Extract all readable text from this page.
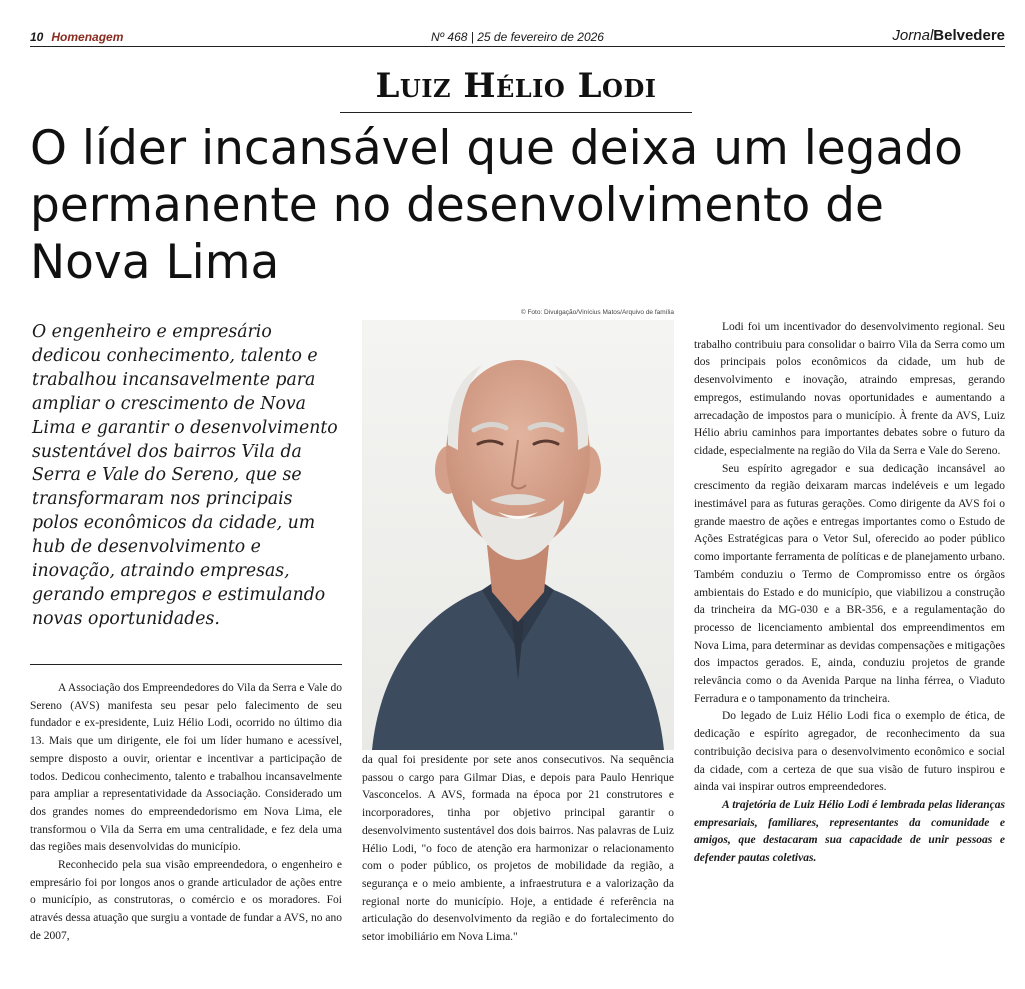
Nº 468 | 25 de fevereiro de 2026
10 Homenagem	JornalBelvedere
Luiz Hélio Lodi
O líder incansável que deixa um legado permanente no desenvolvimento de Nova Lima
© Foto: Divulgação/Vinícius Matos/Arquivo de família

O engenheiro e empresário dedicou conhecimento, talento e trabalhou incansavelmente para ampliar o crescimento de Nova Lima e garantir o desenvolvimento sustentável dos bairros Vila da Serra e Vale do Sereno, que se transformaram nos principais polos econômicos da cidade, um hub de desenvolvimento e inovação, atraindo empresas, gerando empregos e estimulando novas oportunidades.

A Associação dos Empreendedores do Vila da Serra e Vale do Sereno (AVS) manifesta seu pesar pelo falecimento de seu fundador e ex-presidente, Luiz Hélio Lodi, ocorrido no último dia 13. Mais que um dirigente, ele foi um líder humano e acessível, sempre disposto a ouvir, orientar e incentivar a participação de todos. Dedicou conhecimento, talento e trabalhou incansavelmente para ampliar a representatividade da Associação. Considerado um dos grandes nomes do empreendedorismo em Nova Lima, ele transformou o Vila da Serra em uma centralidade, e fez dela uma das regiões mais desenvolvidas do município.

Reconhecido pela sua visão empreendedora, o engenheiro e empresário foi por longos anos o grande articulador de ações entre o município, as construtoras, o comércio e os moradores. Foi através dessa atuação que surgiu a vontade de fundar a AVS, no ano de 2007,

da qual foi presidente por sete anos consecutivos. Na sequência passou o cargo para Gilmar Dias, e depois para Paulo Henrique Vasconcelos. A AVS, formada na época por 21 construtores e incorporadores, tinha por objetivo principal garantir o desenvolvimento sustentável dos dois bairros. Nas palavras de Luiz Hélio Lodi, "o foco de atenção era harmonizar o relacionamento com o poder público, os projetos de mobilidade da região, a segurança e o meio ambiente, a infraestrutura e a valorização da regional norte do município. Hoje, a entidade é referência na articulação do desenvolvimento da região e do fortalecimento do setor imobiliário em Nova Lima."

Lodi foi um incentivador do desenvolvimento regional. Seu trabalho contribuiu para consolidar o bairro Vila da Serra como um dos principais polos econômicos da cidade, um hub de desenvolvimento e inovação, atraindo empresas, gerando empregos, estimulando novas oportunidades e aumentando a arrecadação de impostos para o município. À frente da AVS, Luiz Hélio abriu caminhos para importantes debates sobre o futuro da cidade, especialmente na região do Vila da Serra e Vale do Sereno.

Seu espírito agregador e sua dedicação incansável ao crescimento da região deixaram marcas indeléveis e um legado inestimável para as futuras gerações. Como dirigente da AVS foi o grande maestro de ações e entregas importantes como o Estudo de Ações Estratégicas para o Vetor Sul, oferecido ao poder público como importante ferramenta de políticas e de planejamento urbano. Também conduziu o Termo de Compromisso entre os órgãos ambientais do Estado e do município, que viabilizou a construção da trincheira da MG-030 e a BR-356, e a regulamentação do processo de licenciamento ambiental dos empreendimentos em Nova Lima, para determinar as devidas compensações e mitigações dos impactos gerados. E, ainda, conduziu projetos de grande relevância como o da Avenida Parque na linha férrea, o Viaduto Ferradura e o tamponamento da trincheira.

Do legado de Luiz Hélio Lodi fica o exemplo de ética, de dedicação e espírito agregador, de reconhecimento da sua contribuição decisiva para o desenvolvimento econômico e social da cidade, com a certeza de que sua visão de futuro inspirou e ainda vai inspirar outros empreendedores.

A trajetória de Luiz Hélio Lodi é lembrada pelas lideranças empresariais, familiares, representantes da comunidade e amigos, que destacaram sua capacidade de unir pessoas e defender pautas coletivas.
